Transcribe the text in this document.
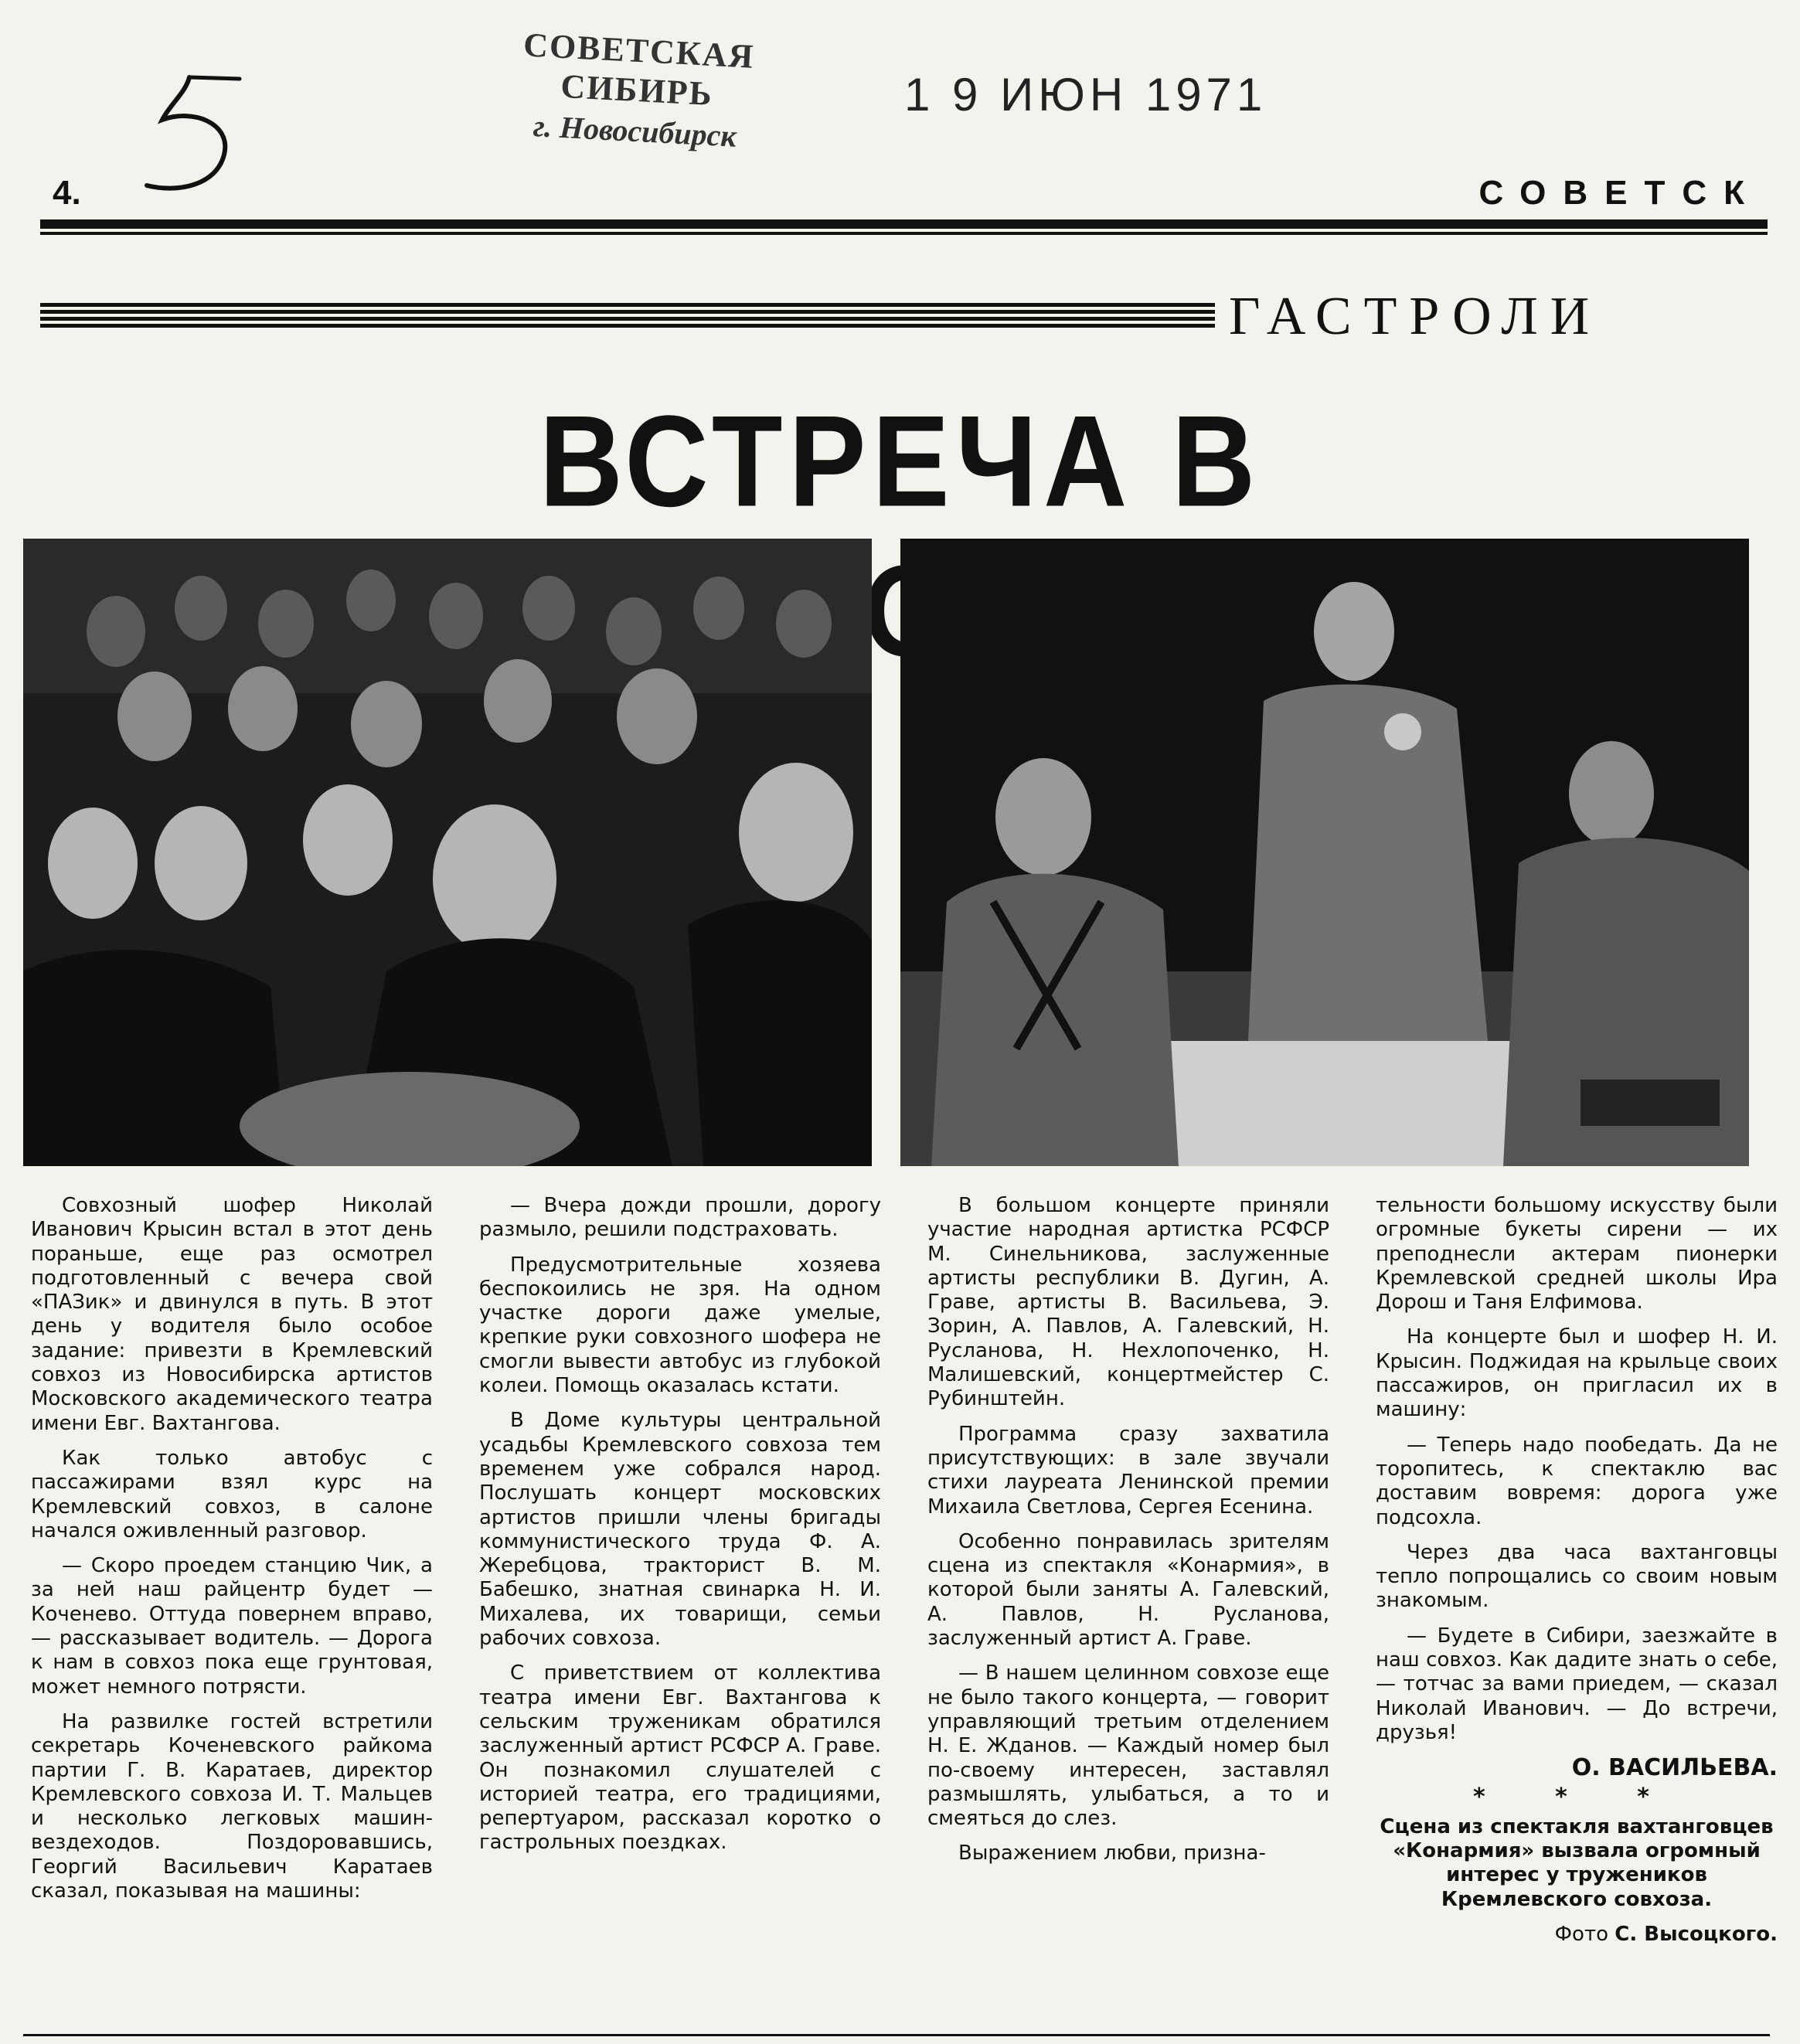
СОВЕТСКАЯ СИБИРЬ
г. Новосибирск
1 9 ИЮН 1971
4.	СОВЕТСК
ГАСТРОЛИ
ВСТРЕЧА В

Совхозный шофер Николай Иванович Крысин встал в этот день пораньше, еще раз осмотрел подготовленный с вечера свой «ПАЗик» и двинулся в путь. В этот день у водителя было особое задание: привезти в Кремлевский совхоз из Новосибирска артистов Московского академического театра имени Евг. Вахтангова.

Как только автобус с пассажирами взял курс на Кремлевский совхоз, в салоне начался оживленный разговор.

— Скоро проедем станцию Чик, а за ней наш райцентр будет — Коченево. Оттуда повернем вправо, — рассказывает водитель. — Дорога к нам в совхоз пока еще грунтовая, может немного потрясти.

На развилке гостей встретили секретарь Коченевского райкома партии Г. В. Каратаев, директор Кремлевского совхоза И. Т. Мальцев и несколько легковых машин-вездеходов. Поздоровавшись, Георгий Васильевич Каратаев сказал, показывая на машины:

— Вчера дожди прошли, дорогу размыло, решили подстраховать.

Предусмотрительные хозяева беспокоились не зря. На одном участке дороги даже умелые, крепкие руки совхозного шофера не смогли вывести автобус из глубокой колеи. Помощь оказалась кстати.

В Доме культуры центральной усадьбы Кремлевского совхоза тем временем уже собрался народ. Послушать концерт московских артистов пришли члены бригады коммунистического труда Ф. А. Жеребцова, тракторист В. М. Бабешко, знатная свинарка Н. И. Михалева, их товарищи, семьи рабочих совхоза.

С приветствием от коллектива театра имени Евг. Вахтангова к сельским труженикам обратился заслуженный артист РСФСР А. Граве. Он познакомил слушателей с историей театра, его традициями, репертуаром, рассказал коротко о гастрольных поездках.

В большом концерте приняли участие народная артистка РСФСР М. Синельникова, заслуженные артисты республики В. Дугин, А. Граве, артисты В. Васильева, Э. Зорин, А. Павлов, А. Галевский, Н. Русланова, Н. Нехлопоченко, Н. Малишевский, концертмейстер С. Рубинштейн.

Программа сразу захватила присутствующих: в зале звучали стихи лауреата Ленинской премии Михаила Светлова, Сергея Есенина.

Особенно понравилась зрителям сцена из спектакля «Конармия», в которой были заняты А. Галевский, А. Павлов, Н. Русланова, заслуженный артист А. Граве.

— В нашем целинном совхозе еще не было такого концерта, — говорит управляющий третьим отделением Н. Е. Жданов. — Каждый номер был по-своему интересен, заставлял размышлять, улыбаться, а то и смеяться до слез.

Выражением любви, призна-

тельности большому искусству были огромные букеты сирени — их преподнесли актерам пионерки Кремлевской средней школы Ира Дорош и Таня Елфимова.

На концерте был и шофер Н. И. Крысин. Поджидая на крыльце своих пассажиров, он пригласил их в машину:

— Теперь надо пообедать. Да не торопитесь, к спектаклю вас доставим вовремя: дорога уже подсохла.

Через два часа вахтанговцы тепло попрощались со своим новым знакомым.

— Будете в Сибири, заезжайте в наш совхоз. Как дадите знать о себе, — тотчас за вами приедем, — сказал Николай Иванович. — До встречи, друзья!

О. ВАСИЛЬЕВА.
* * *

Сцена из спектакля вахтанговцев «Конармия» вызвала огромный интерес у тружеников Кремлевского совхоза.

Фото С. Высоцкого.
